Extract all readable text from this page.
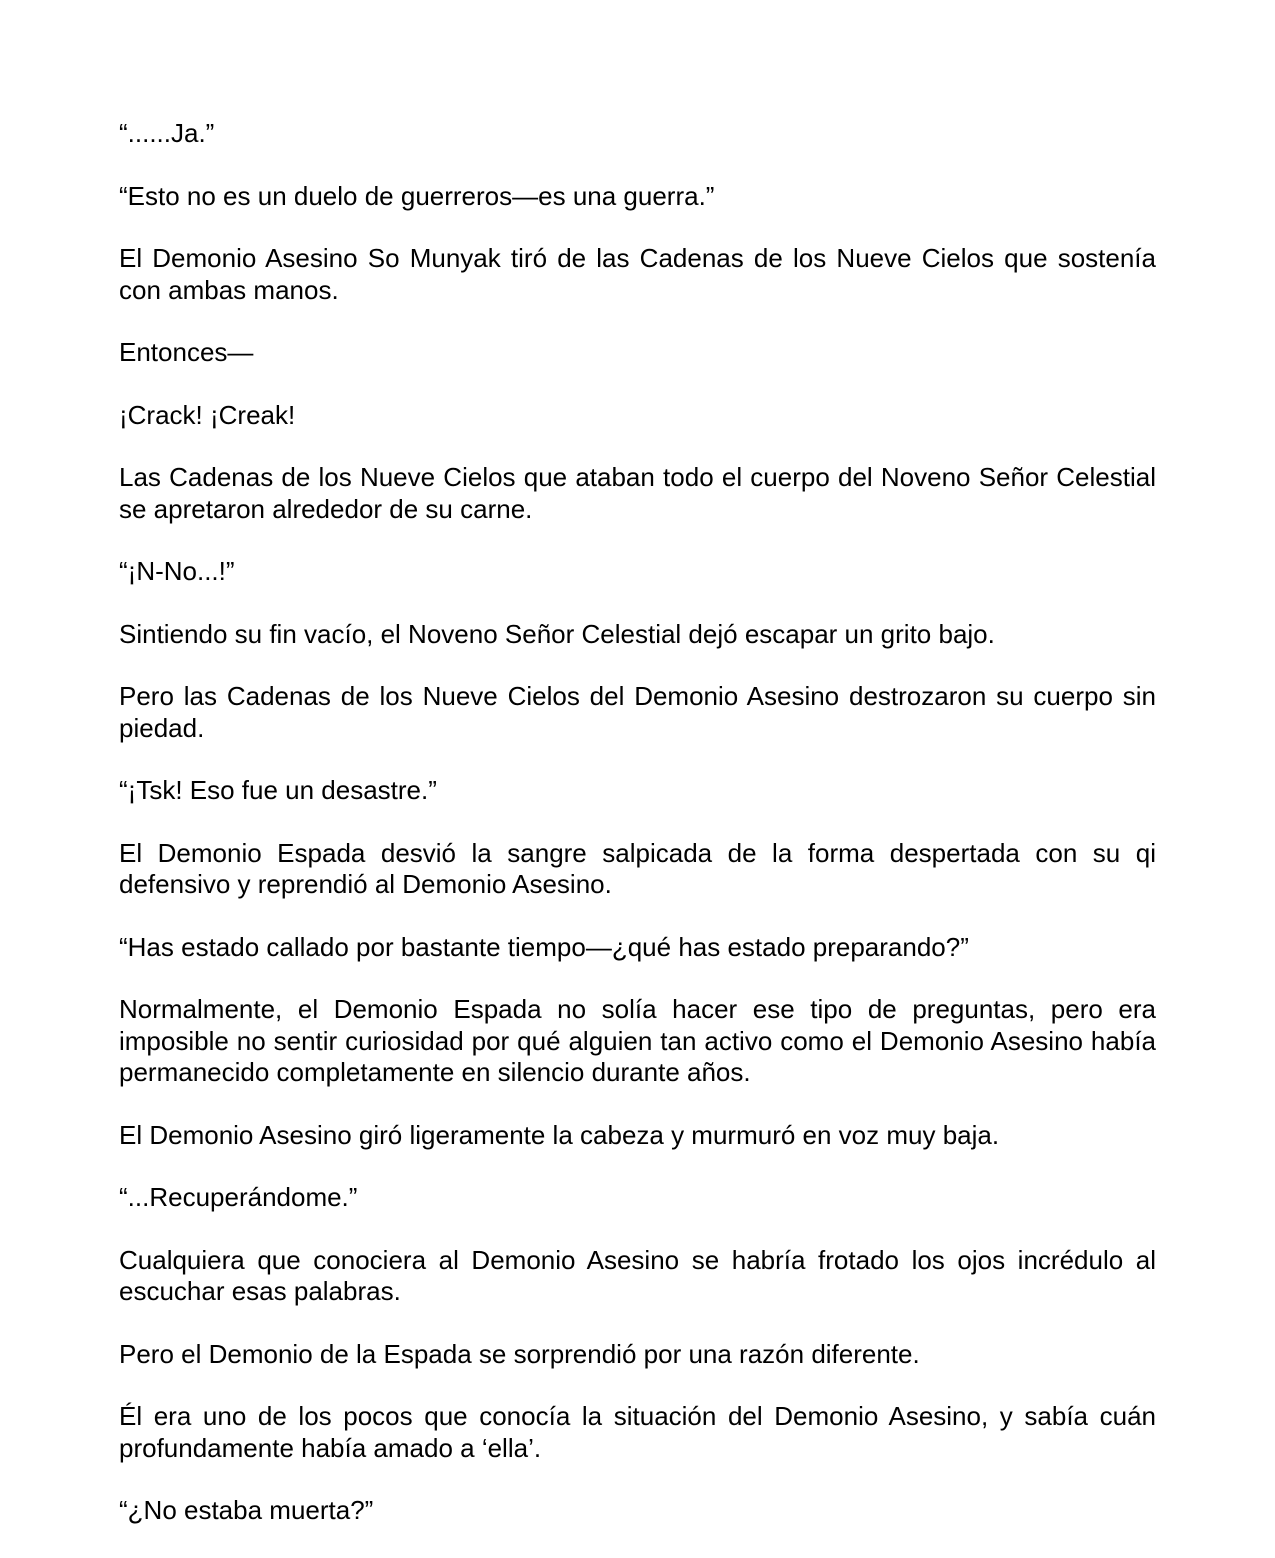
“......Ja.”

“Esto no es un duelo de guerreros—es una guerra.”

El Demonio Asesino So Munyak tiró de las Cadenas de los Nueve Cielos que sostenía con ambas manos.

Entonces—

¡Crack! ¡Creak!

Las Cadenas de los Nueve Cielos que ataban todo el cuerpo del Noveno Señor Celestial se apretaron alrededor de su carne.

“¡N-No...!”

Sintiendo su fin vacío, el Noveno Señor Celestial dejó escapar un grito bajo.

Pero las Cadenas de los Nueve Cielos del Demonio Asesino destrozaron su cuerpo sin piedad.

“¡Tsk! Eso fue un desastre.”

El Demonio Espada desvió la sangre salpicada de la forma despertada con su qi defensivo y reprendió al Demonio Asesino.

“Has estado callado por bastante tiempo—¿qué has estado preparando?”

Normalmente, el Demonio Espada no solía hacer ese tipo de preguntas, pero era imposible no sentir curiosidad por qué alguien tan activo como el Demonio Asesino había permanecido completamente en silencio durante años.

El Demonio Asesino giró ligeramente la cabeza y murmuró en voz muy baja.

“...Recuperándome.”

Cualquiera que conociera al Demonio Asesino se habría frotado los ojos incrédulo al escuchar esas palabras.

Pero el Demonio de la Espada se sorprendió por una razón diferente.

Él era uno de los pocos que conocía la situación del Demonio Asesino, y sabía cuán profundamente había amado a ‘ella’.

“¿No estaba muerta?”
